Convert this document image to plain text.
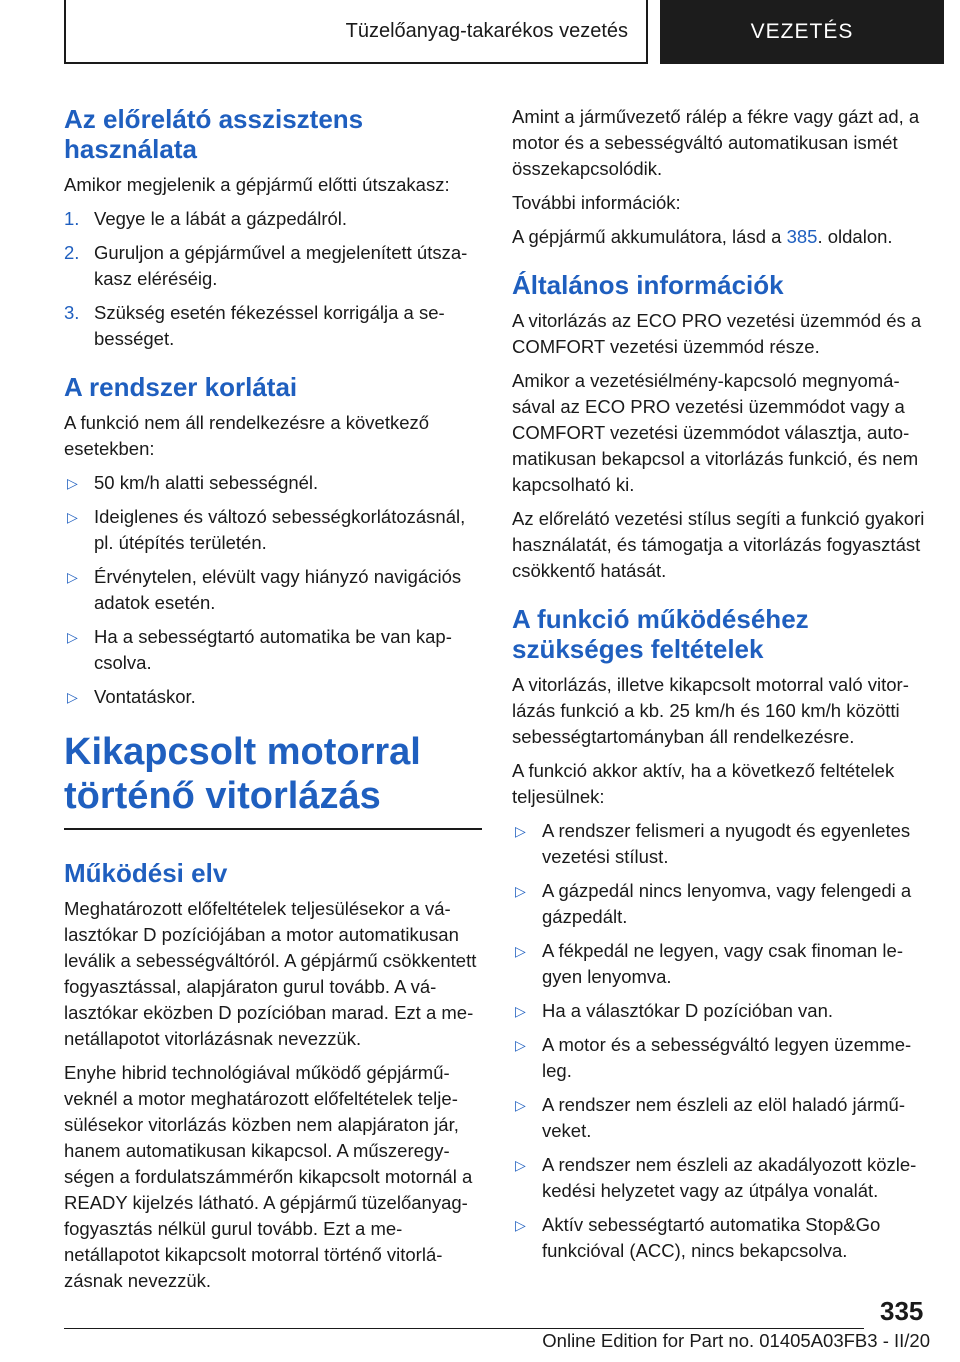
Tüzelőanyag-takarékos vezetés	VEZETÉS
Az előrelátó asszisztens használata

Amikor megjelenik a gépjármű előtti útszakasz:

1. Vegye le a lábát a gázpedálról.
2. Guruljon a gépjárművel a megjelenített útszakasz eléréséig.
3. Szükség esetén fékezéssel korrigálja a sebességet.
A rendszer korlátai

A funkció nem áll rendelkezésre a következő esetekben:

▷ 50 km/h alatti sebességnél.
▷ Ideiglenes és változó sebességkorlátozásnál, pl. útépítés területén.
▷ Érvénytelen, elévült vagy hiányzó navigációs adatok esetén.
▷ Ha a sebességtartó automatika be van kapcsolva.
▷ Vontatáskor.
Kikapcsolt motorral történő vitorlázás
Működési elv

Meghatározott előfeltételek teljesülésekor a választókar D pozíciójában a motor automatikusan leválik a sebességváltóról. A gépjármű csökkentett fogyasztással, alapjáraton gurul tovább. A választókar eközben D pozícióban marad. Ezt a menetállapotot vitorlázásnak nevezzük.

Enyhe hibrid technológiával működő gépjárműveknél a motor meghatározott előfeltételek teljesülésekor vitorlázás közben nem alapjáraton jár, hanem automatikusan kikapcsol. A műszeregységen a fordulatszámmérőn kikapcsolt motornál a READY kijelzés látható. A gépjármű tüzelőanyag-fogyasztás nélkül gurul tovább. Ezt a menetállapotot kikapcsolt motorral történő vitorlázásnak nevezzük.

Amint a járművezető rálép a fékre vagy gázt ad, a motor és a sebességváltó automatikusan ismét összekapcsolódik.

További információk:

A gépjármű akkumulátora, lásd a 385. oldalon.

Általános információk

A vitorlázás az ECO PRO vezetési üzemmód és a COMFORT vezetési üzemmód része.

Amikor a vezetésiélmény-kapcsoló megnyomásával az ECO PRO vezetési üzemmódot vagy a COMFORT vezetési üzemmódot választja, automatikusan bekapcsol a vitorlázás funkció, és nem kapcsolható ki.

Az előrelátó vezetési stílus segíti a funkció gyakori használatát, és támogatja a vitorlázás fogyasztást csökkentő hatását.

A funkció működéséhez szükséges feltételek

A vitorlázás, illetve kikapcsolt motorral való vitorlázás funkció a kb. 25 km/h és 160 km/h közötti sebességtartományban áll rendelkezésre.

A funkció akkor aktív, ha a következő feltételek teljesülnek:

▷ A rendszer felismeri a nyugodt és egyenletes vezetési stílust.
▷ A gázpedál nincs lenyomva, vagy felengedi a gázpedált.
▷ A fékpedál ne legyen, vagy csak finoman legyen lenyomva.
▷ Ha a választókar D pozícióban van.
▷ A motor és a sebességváltó legyen üzemmeleg.
▷ A rendszer nem észleli az elöl haladó járműveket.
▷ A rendszer nem észleli az akadályozott közlekedési helyzetet vagy az útpálya vonalát.
▷ Aktív sebességtartó automatika Stop&Go funkcióval (ACC), nincs bekapcsolva.
335
Online Edition for Part no. 01405A03FB3 - II/20
